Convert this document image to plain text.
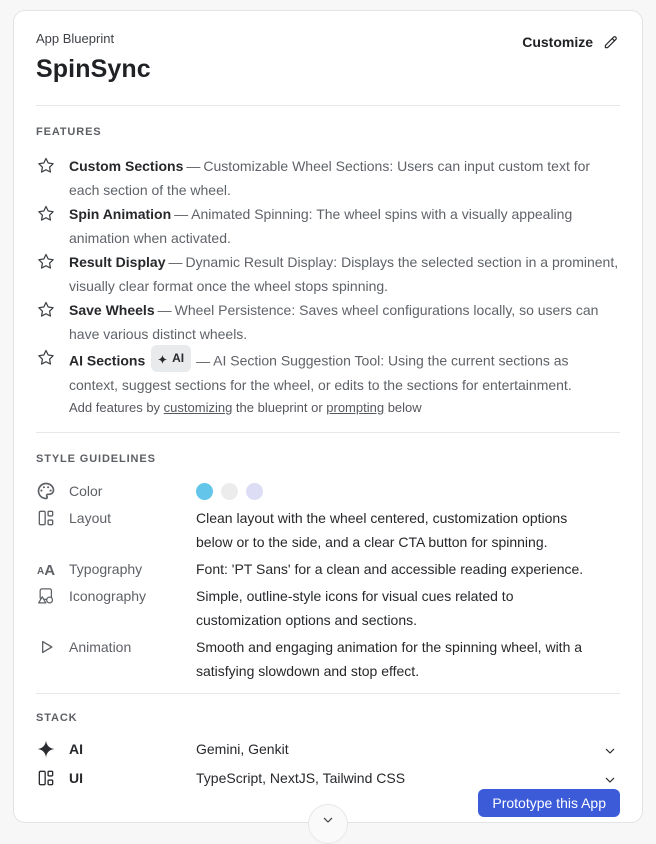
App Blueprint
SpinSync
Customize
FEATURES
Custom Sections — Customizable Wheel Sections: Users can input custom text for each section of the wheel.
Spin Animation — Animated Spinning: The wheel spins with a visually appealing animation when activated.
Result Display — Dynamic Result Display: Displays the selected section in a prominent, visually clear format once the wheel stops spinning.
Save Wheels — Wheel Persistence: Saves wheel configurations locally, so users can have various distinct wheels.
AI Sections AI — AI Section Suggestion Tool: Using the current sections as context, suggest sections for the wheel, or edits to the sections for entertainment.
Add features by customizing the blueprint or prompting below
STYLE GUIDELINES
Color
Layout	Clean layout with the wheel centered, customization options below or to the side, and a clear CTA button for spinning.
A A Typography	Font: 'PT Sans' for a clean and accessible reading experience.
Iconography	Simple, outline-style icons for visual cues related to customization options and sections.
Animation	Smooth and engaging animation for the spinning wheel, with a satisfying slowdown and stop effect.
STACK
AI	Gemini, Genkit
UI	TypeScript, NextJS, Tailwind CSS
Prototype this App
